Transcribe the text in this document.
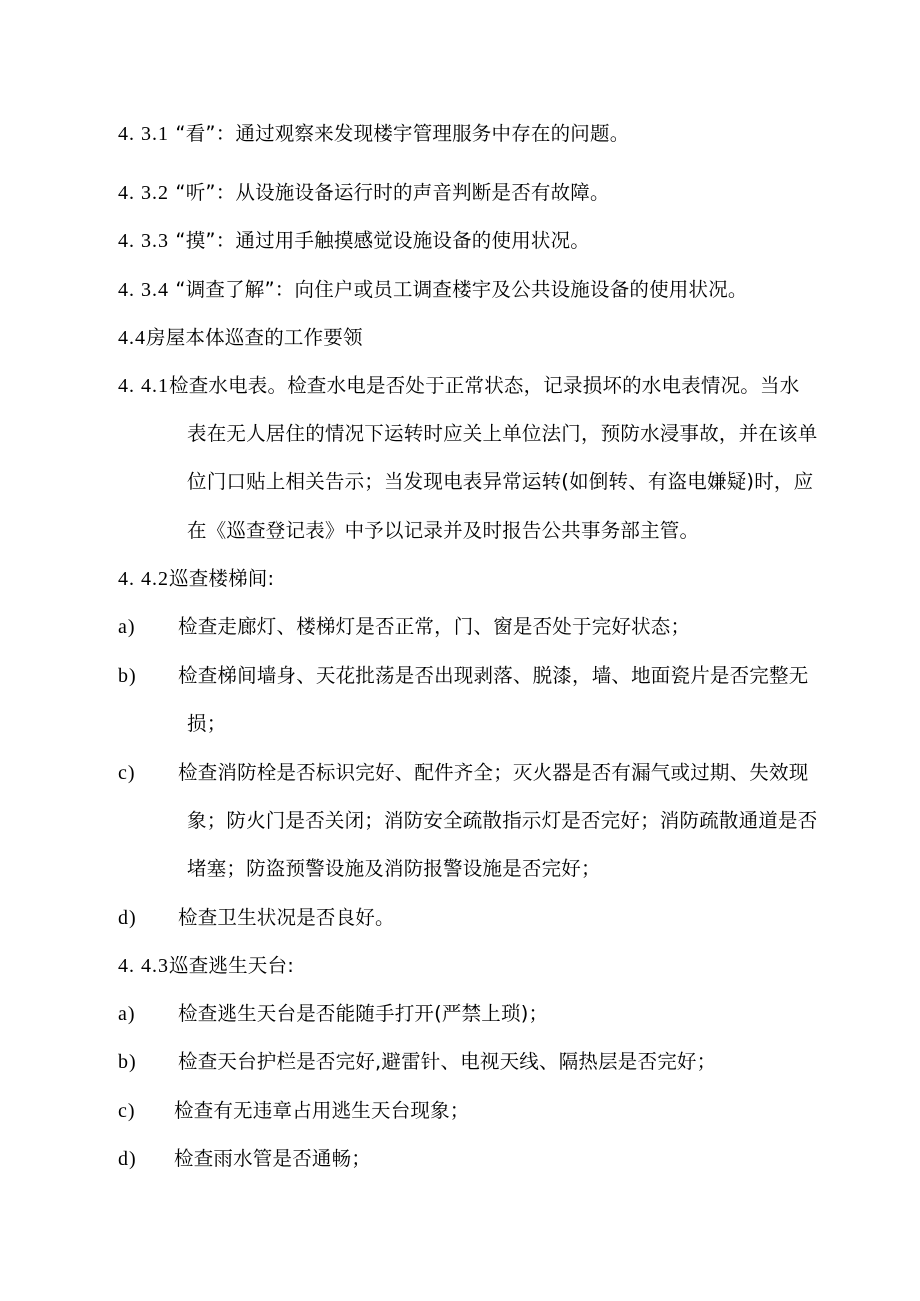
4. 3.1 “看”：通过观察来发现楼宇管理服务中存在的问题。
4. 3.2 “听”：从设施设备运行时的声音判断是否有故障。
4. 3.3 “摸”：通过用手触摸感觉设施设备的使用状况。
4. 3.4 “调查了解”：向住户或员工调查楼宇及公共设施设备的使用状况。
4.4房屋本体巡查的工作要领
4. 4.1检查水电表。检查水电是否处于正常状态，记录损坏的水电表情况。当水
表在无人居住的情况下运转时应关上单位法门，预防水浸事故，并在该单
位门口贴上相关告示；当发现电表异常运转(如倒转、有盗电嫌疑)时，应
在《巡查登记表》中予以记录并及时报告公共事务部主管。
4. 4.2巡查楼梯间:
a) 检查走廊灯、楼梯灯是否正常，门、窗是否处于完好状态；
b) 检查梯间墙身、天花批荡是否出现剥落、脱漆，墙、地面瓷片是否完整无
损；
c) 检查消防栓是否标识完好、配件齐全；灭火器是否有漏气或过期、失效现
象；防火门是否关闭；消防安全疏散指示灯是否完好；消防疏散通道是否
堵塞；防盗预警设施及消防报警设施是否完好；
d) 检查卫生状况是否良好。
4. 4.3巡查逃生天台:
a) 检查逃生天台是否能随手打开(严禁上琐)；
b) 检查天台护栏是否完好,避雷针、电视天线、隔热层是否完好；
c) 检查有无违章占用逃生天台现象；
d) 检查雨水管是否通畅；
